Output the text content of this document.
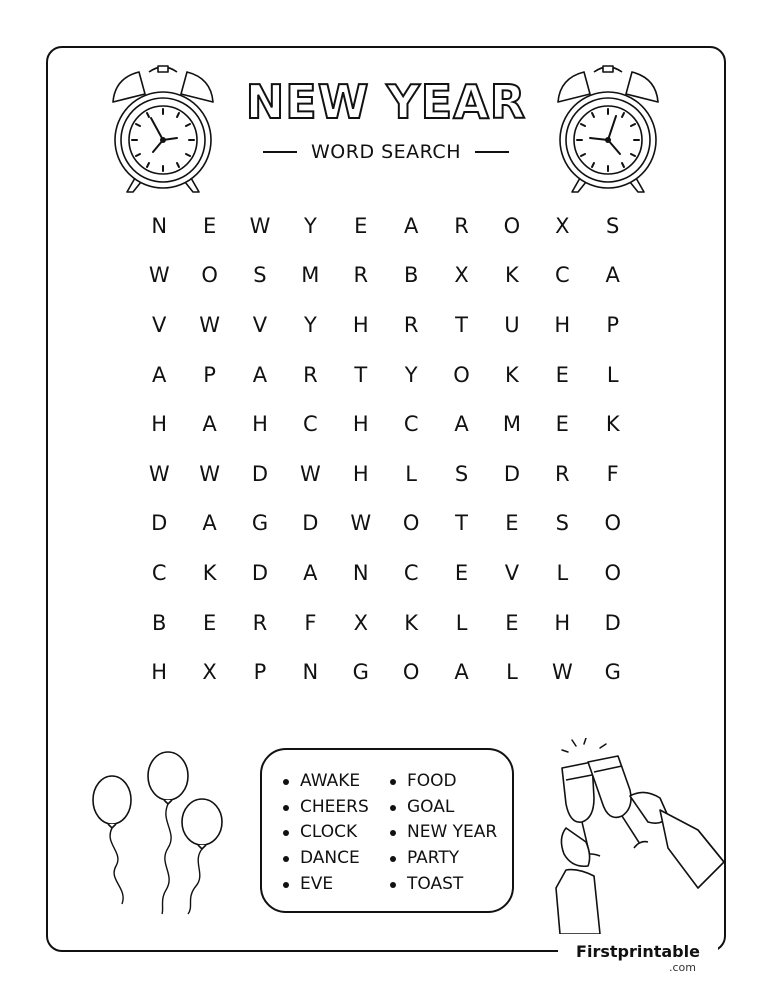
NEW YEAR
WORD SEARCH
N	E	W	Y	E	A	R	O	X	S
W	O	S	M	R	B	X	K	C	A
V	W	V	Y	H	R	T	U	H	P
A	P	A	R	T	Y	O	K	E	L
H	A	H	C	H	C	A	M	E	K
W	W	D	W	H	L	S	D	R	F
D	A	G	D	W	O	T	E	S	O
C	K	D	A	N	C	E	V	L	O
B	E	R	F	X	K	L	E	H	D
H	X	P	N	G	O	A	L	W	G
AWAKE
CHEERS
CLOCK
DANCE
EVE
FOOD
GOAL
NEW YEAR
PARTY
TOAST
Firstprintable
.com
